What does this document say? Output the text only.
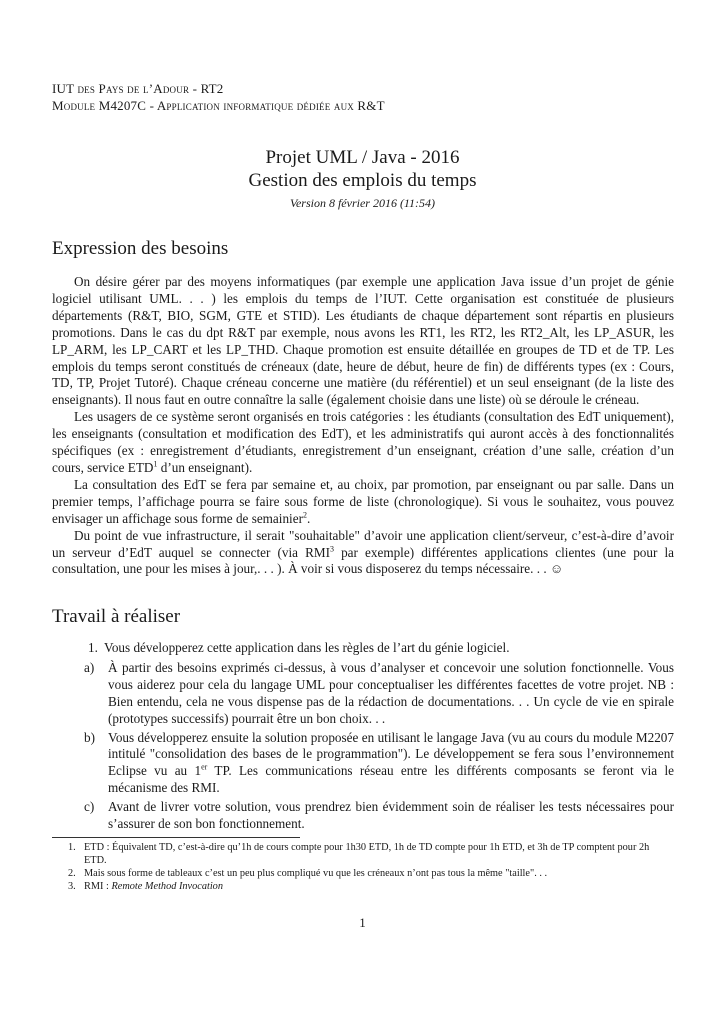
IUT des Pays de l’Adour - RT2
Module M4207C - Application informatique dédiée aux R&T
Projet UML / Java - 2016
Gestion des emplois du temps
Version 8 février 2016 (11:54)
Expression des besoins

On désire gérer par des moyens informatiques (par exemple une application Java issue d’un projet de génie logiciel utilisant UML. . . ) les emplois du temps de l’IUT. Cette organisation est constituée de plusieurs départements (R&T, BIO, SGM, GTE et STID). Les étudiants de chaque département sont répartis en plusieurs promotions. Dans le cas du dpt R&T par exemple, nous avons les RT1, les RT2, les RT2_Alt, les LP_ASUR, les LP_ARM, les LP_CART et les LP_THD. Chaque promotion est ensuite détaillée en groupes de TD et de TP. Les emplois du temps seront constitués de créneaux (date, heure de début, heure de fin) de différents types (ex : Cours, TD, TP, Projet Tutoré). Chaque créneau concerne une matière (du référentiel) et un seul enseignant (de la liste des enseignants). Il nous faut en outre connaître la salle (également choisie dans une liste) où se déroule le créneau.

Les usagers de ce système seront organisés en trois catégories : les étudiants (consultation des EdT uniquement), les enseignants (consultation et modification des EdT), et les administratifs qui auront accès à des fonctionnalités spécifiques (ex : enregistrement d’étudiants, enregistrement d’un enseignant, création d’une salle, création d’un cours, service ETD$^1$ d’un enseignant).

La consultation des EdT se fera par semaine et, au choix, par promotion, par enseignant ou par salle. Dans un premier temps, l’affichage pourra se faire sous forme de liste (chronologique). Si vous le souhaitez, vous pouvez envisager un affichage sous forme de semainier$^2$.

Du point de vue infrastructure, il serait "souhaitable" d’avoir une application client/serveur, c’est-à-dire d’avoir un serveur d’EdT auquel se connecter (via RMI$^3$ par exemple) différentes applications clientes (une pour la consultation, une pour les mises à jour,. . . ). À voir si vous disposerez du temps nécessaire. . . ☺

Travail à réaliser
1. Vous développerez cette application dans les règles de l’art du génie logiciel.
a) À partir des besoins exprimés ci-dessus, à vous d’analyser et concevoir une solution fonctionnelle. Vous vous aiderez pour cela du langage UML pour conceptualiser les différentes facettes de votre projet. NB : Bien entendu, cela ne vous dispense pas de la rédaction de documentations. . . Un cycle de vie en spirale (prototypes successifs) pourrait être un bon choix. . .
b) Vous développerez ensuite la solution proposée en utilisant le langage Java (vu au cours du module M2207 intitulé "consolidation des bases de le programmation"). Le développement se fera sous l’environnement Eclipse vu au 1er TP. Les communications réseau entre les différents composants se feront via le mécanisme des RMI.
c) Avant de livrer votre solution, vous prendrez bien évidemment soin de réaliser les tests nécessaires pour s’assurer de son bon fonctionnement.
1. ETD : Équivalent TD, c’est-à-dire qu’1h de cours compte pour 1h30 ETD, 1h de TD compte pour 1h ETD, et 3h de TP comptent pour 2h ETD.
2. Mais sous forme de tableaux c’est un peu plus compliqué vu que les créneaux n’ont pas tous la même "taille". . .
3. RMI : Remote Method Invocation
1
